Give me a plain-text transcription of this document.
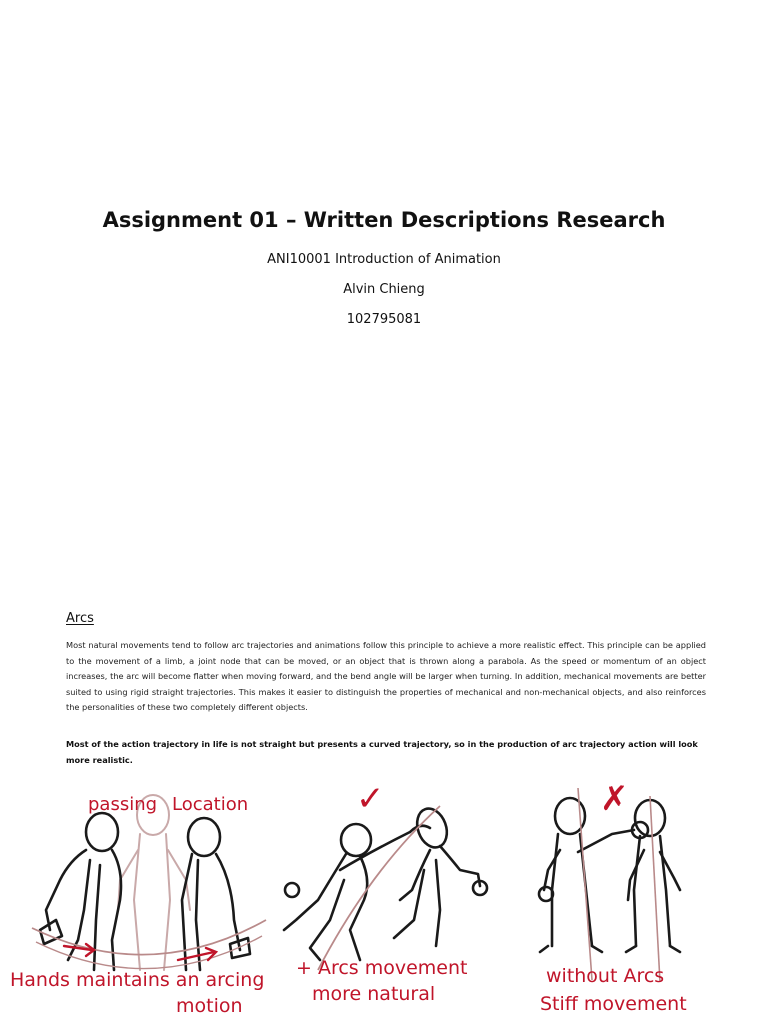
Assignment 01 – Written Descriptions Research
ANI10001 Introduction of Animation
Alvin Chieng
102795081
Arcs
Most natural movements tend to follow arc trajectories and animations follow this principle to achieve a more realistic effect. This principle can be applied to the movement of a limb, a joint node that can be moved, or an object that is thrown along a parabola. As the speed or momentum of an object increases, the arc will become flatter when moving forward, and the bend angle will be larger when turning. In addition, mechanical movements are better suited to using rigid straight trajectories. This makes it easier to distinguish the properties of mechanical and non-mechanical objects, and also reinforces the personalities of these two completely different objects.
Most of the action trajectory in life is not straight but presents a curved trajectory, so in the production of arc trajectory action will look more realistic.
passing Location
Hands maintains an arcing
motion
✓
+ Arcs movement
more natural
✗
without Arcs
Stiff movement
